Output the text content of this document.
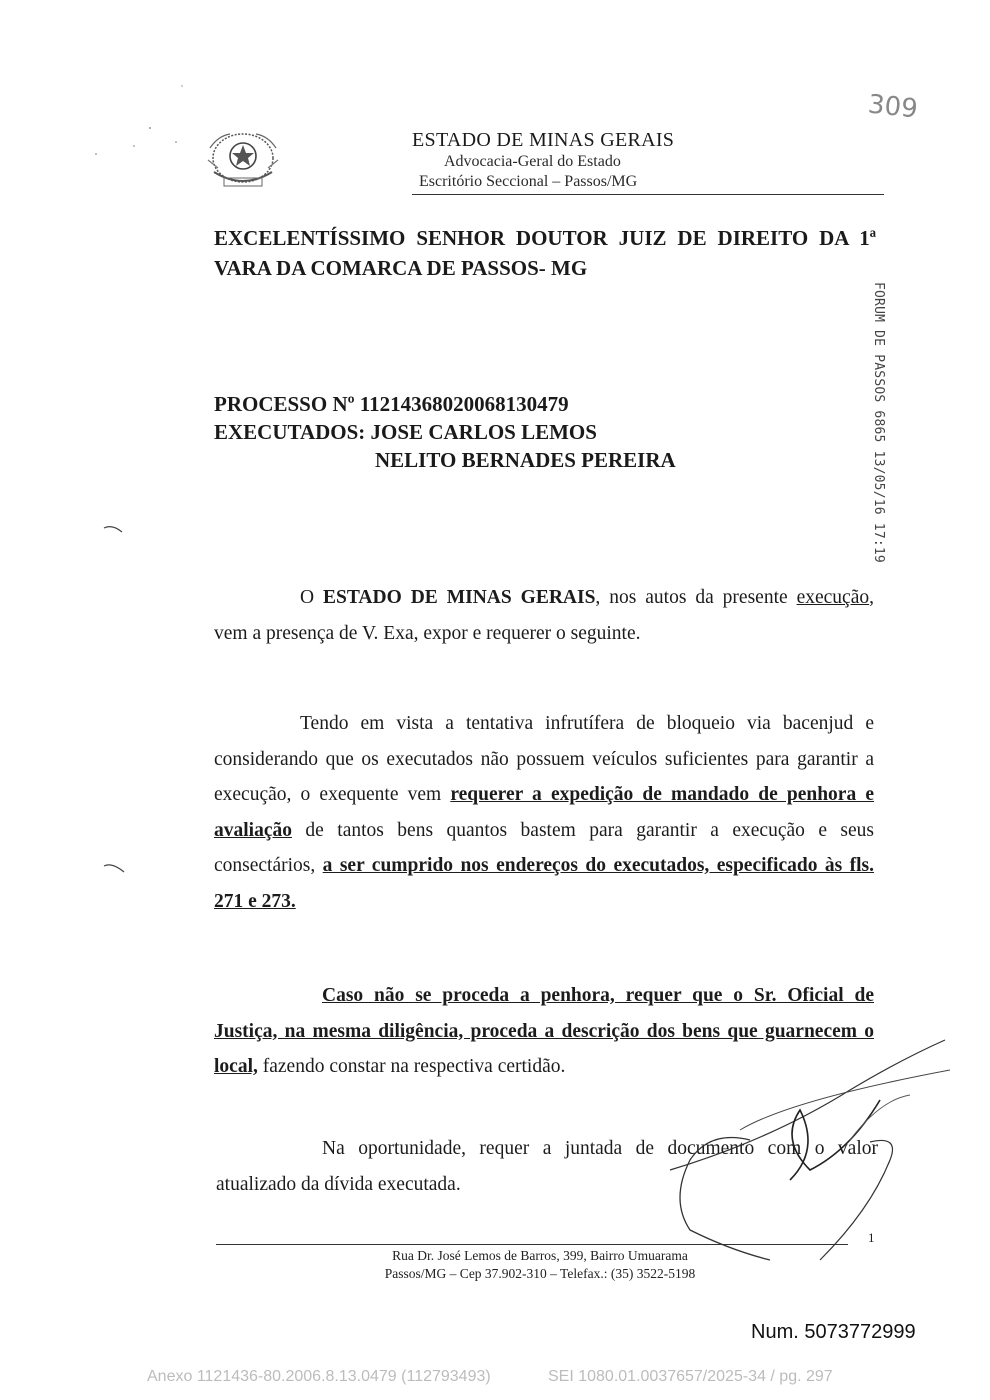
ESTADO DE MINAS GERAIS
Advocacia-Geral do Estado
Escritório Seccional – Passos/MG
309
EXCELENTÍSSIMO SENHOR DOUTOR JUIZ DE DIREITO DA 1ª VARA DA COMARCA DE PASSOS- MG
FORUM DE PASSOS 6865 13/05/16 17:19
PROCESSO Nº 11214368020068130479
EXECUTADOS: JOSE CARLOS LEMOS
NELITO BERNADES PEREIRA
O ESTADO DE MINAS GERAIS, nos autos da presente execução, vem a presença de V. Exa, expor e requerer o seguinte.
Tendo em vista a tentativa infrutífera de bloqueio via bacenjud e considerando que os executados não possuem veículos suficientes para garantir a execução, o exequente vem requerer a expedição de mandado de penhora e avaliação de tantos bens quantos bastem para garantir a execução e seus consectários, a ser cumprido nos endereços do executados, especificado às fls. 271 e 273.
Caso não se proceda a penhora, requer que o Sr. Oficial de Justiça, na mesma diligência, proceda a descrição dos bens que guarnecem o local, fazendo constar na respectiva certidão.
Na oportunidade, requer a juntada de documento com o valor atualizado da dívida executada.
1
Rua Dr. José Lemos de Barros, 399, Bairro Umuarama
Passos/MG – Cep 37.902-310 – Telefax.: (35) 3522-5198
Num. 5073772999
Anexo 1121436-80.2006.8.13.0479 (112793493)	SEI 1080.01.0037657/2025-34 / pg. 297
